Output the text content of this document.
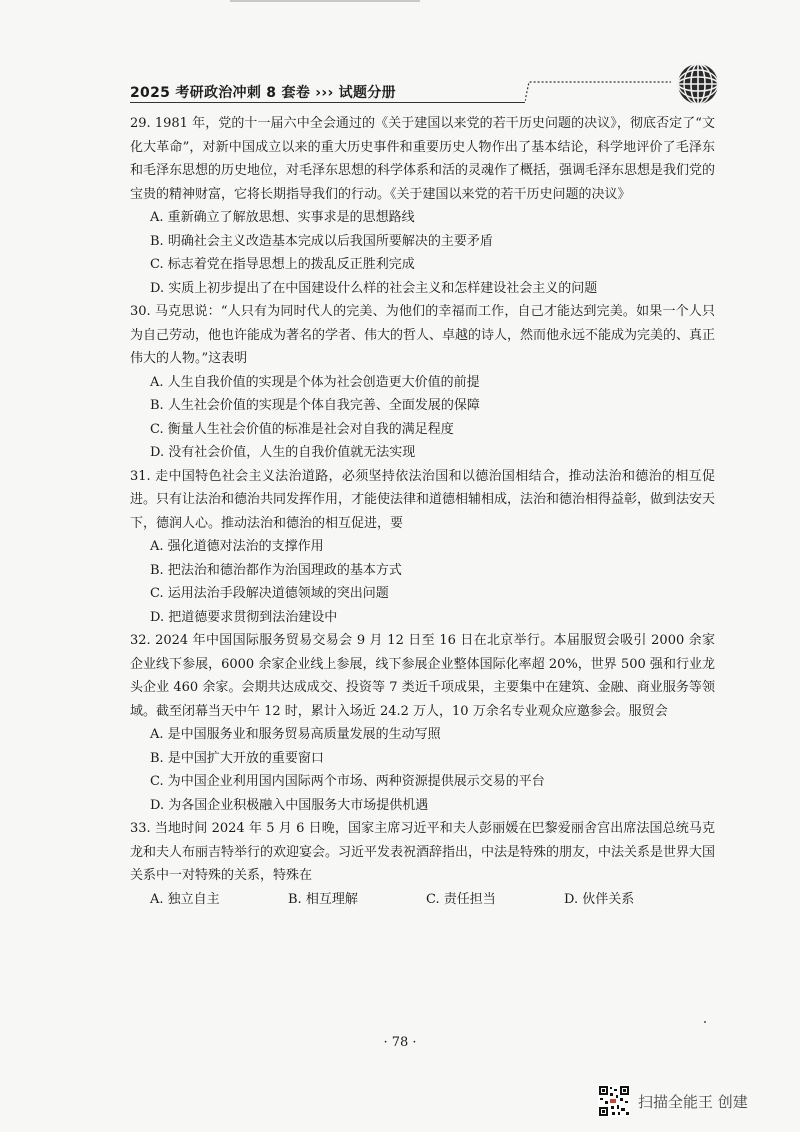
2025 考研政治冲刺 8 套卷 ››› 试题分册

29. 1981 年，党的十一届六中全会通过的《关于建国以来党的若干历史问题的决议》，彻底否定了“文化大革命”，对新中国成立以来的重大历史事件和重要历史人物作出了基本结论，科学地评价了毛泽东和毛泽东思想的历史地位，对毛泽东思想的科学体系和活的灵魂作了概括，强调毛泽东思想是我们党的宝贵的精神财富，它将长期指导我们的行动。《关于建国以来党的若干历史问题的决议》

A. 重新确立了解放思想、实事求是的思想路线

B. 明确社会主义改造基本完成以后我国所要解决的主要矛盾

C. 标志着党在指导思想上的拨乱反正胜利完成

D. 实质上初步提出了在中国建设什么样的社会主义和怎样建设社会主义的问题

30. 马克思说：“人只有为同时代人的完美、为他们的幸福而工作，自己才能达到完美。如果一个人只为自己劳动，他也许能成为著名的学者、伟大的哲人、卓越的诗人，然而他永远不能成为完美的、真正伟大的人物。”这表明

A. 人生自我价值的实现是个体为社会创造更大价值的前提

B. 人生社会价值的实现是个体自我完善、全面发展的保障

C. 衡量人生社会价值的标准是社会对自我的满足程度

D. 没有社会价值，人生的自我价值就无法实现

31. 走中国特色社会主义法治道路，必须坚持依法治国和以德治国相结合，推动法治和德治的相互促进。只有让法治和德治共同发挥作用，才能使法律和道德相辅相成，法治和德治相得益彰，做到法安天下，德润人心。推动法治和德治的相互促进，要

A. 强化道德对法治的支撑作用

B. 把法治和德治都作为治国理政的基本方式

C. 运用法治手段解决道德领域的突出问题

D. 把道德要求贯彻到法治建设中

32. 2024 年中国国际服务贸易交易会 9 月 12 日至 16 日在北京举行。本届服贸会吸引 2000 余家企业线下参展，6000 余家企业线上参展，线下参展企业整体国际化率超 20%，世界 500 强和行业龙头企业 460 余家。会期共达成成交、投资等 7 类近千项成果，主要集中在建筑、金融、商业服务等领域。截至闭幕当天中午 12 时，累计入场近 24.2 万人，10 万余名专业观众应邀参会。服贸会

A. 是中国服务业和服务贸易高质量发展的生动写照

B. 是中国扩大开放的重要窗口

C. 为中国企业利用国内国际两个市场、两种资源提供展示交易的平台

D. 为各国企业积极融入中国服务大市场提供机遇

33. 当地时间 2024 年 5 月 6 日晚，国家主席习近平和夫人彭丽媛在巴黎爱丽舍宫出席法国总统马克龙和夫人布丽吉特举行的欢迎宴会。习近平发表祝酒辞指出，中法是特殊的朋友，中法关系是世界大国关系中一对特殊的关系，特殊在

A. 独立自主	B. 相互理解	C. 责任担当	D. 伙伴关系
· 78 ·
扫描全能王 创建
